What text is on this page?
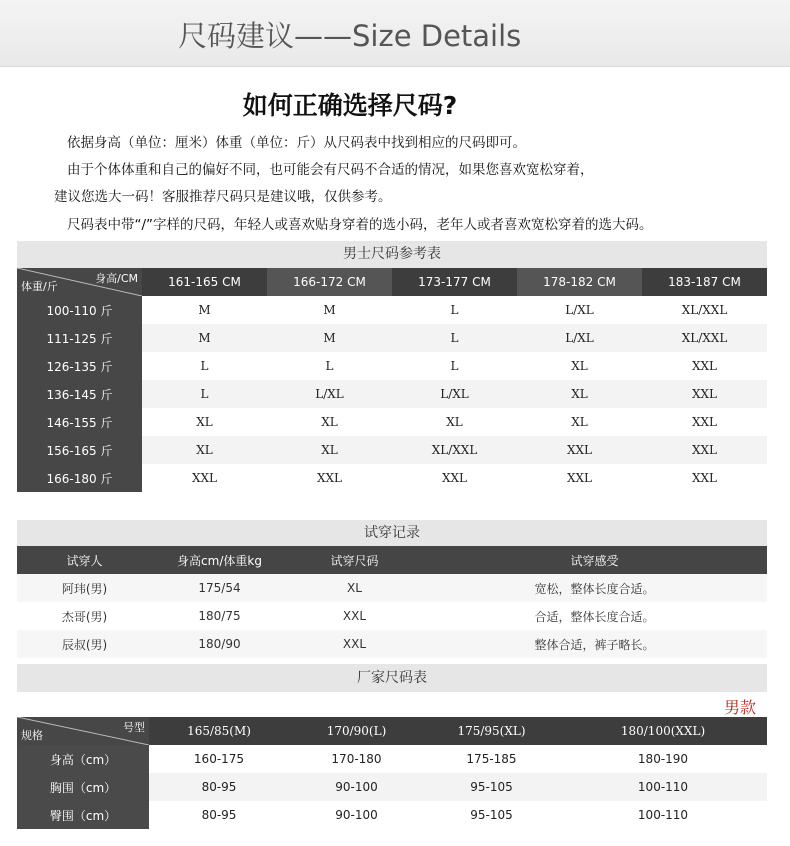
尺码建议——Size Details
如何正确选择尺码?
依据身高（单位：厘米）体重（单位：斤）从尺码表中找到相应的尺码即可。
由于个体体重和自己的偏好不同，也可能会有尺码不合适的情况，如果您喜欢宽松穿着，
建议您选大一码！客服推荐尺码只是建议哦，仅供参考。
尺码表中带“/”字样的尺码，年轻人或喜欢贴身穿着的选小码，老年人或者喜欢宽松穿着的选大码。
男士尺码参考表
身高/CM
体重/斤	161-165 CM	166-172 CM	173-177 CM	178-182 CM	183-187 CM
100-110 斤	M	M	L	L/XL	XL/XXL
111-125 斤	M	M	L	L/XL	XL/XXL
126-135 斤	L	L	L	XL	XXL
136-145 斤	L	L/XL	L/XL	XL	XXL
146-155 斤	XL	XL	XL	XL	XXL
156-165 斤	XL	XL	XL/XXL	XXL	XXL
166-180 斤	XXL	XXL	XXL	XXL	XXL
试穿记录
试穿人	身高cm/体重kg	试穿尺码	试穿感受
阿玮(男)	175/54	XL	宽松，整体长度合适。
杰哥(男)	180/75	XXL	合适，整体长度合适。
辰叔(男)	180/90	XXL	整体合适，裤子略长。
厂家尺码表
男款
号型
规格	165/85(M)	170/90(L)	175/95(XL)	180/100(XXL)
身高（cm）	160-175	170-180	175-185	180-190
胸围（cm）	80-95	90-100	95-105	100-110
臀围（cm）	80-95	90-100	95-105	100-110
